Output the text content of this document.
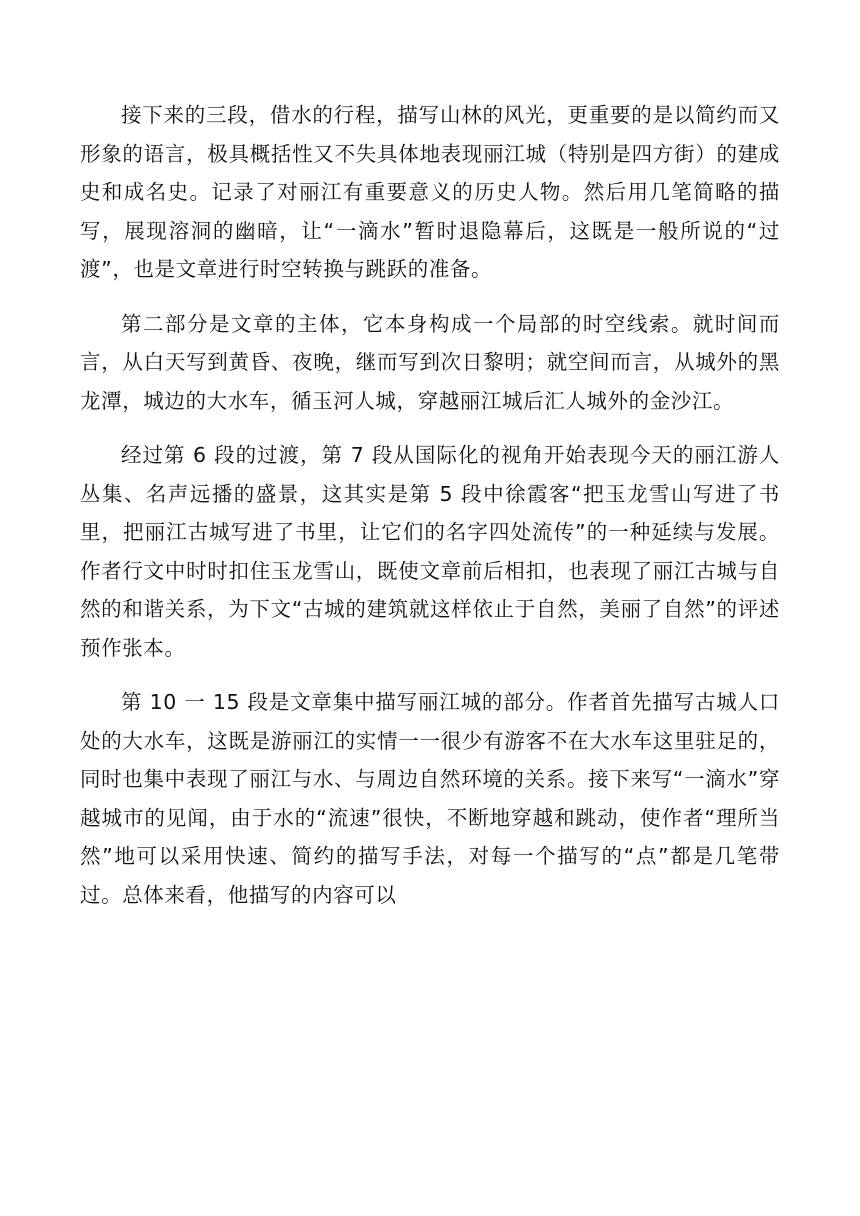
接下来的三段，借水的行程，描写山林的风光，更重要的是以简约而又形象的语言，极具概括性又不失具体地表现丽江城（特别是四方街）的建成史和成名史。记录了对丽江有重要意义的历史人物。然后用几笔简略的描写，展现溶洞的幽暗，让“一滴水”暂时退隐幕后，这既是一般所说的“过渡”，也是文章进行时空转换与跳跃的准备。

第二部分是文章的主体，它本身构成一个局部的时空线索。就时间而言，从白天写到黄昏、夜晚，继而写到次日黎明；就空间而言，从城外的黑龙潭，城边的大水车，循玉河人城，穿越丽江城后汇人城外的金沙江。

经过第 6 段的过渡，第 7 段从国际化的视角开始表现今天的丽江游人丛集、名声远播的盛景，这其实是第 5 段中徐霞客“把玉龙雪山写进了书里，把丽江古城写进了书里，让它们的名字四处流传”的一种延续与发展。作者行文中时时扣住玉龙雪山，既使文章前后相扣，也表现了丽江古城与自然的和谐关系，为下文“古城的建筑就这样依止于自然，美丽了自然”的评述预作张本。

第 10 一 15 段是文章集中描写丽江城的部分。作者首先描写古城人口处的大水车，这既是游丽江的实情一一很少有游客不在大水车这里驻足的，同时也集中表现了丽江与水、与周边自然环境的关系。接下来写“一滴水”穿越城市的见闻，由于水的“流速”很快，不断地穿越和跳动，使作者“理所当然”地可以采用快速、简约的描写手法，对每一个描写的“点”都是几笔带过。总体来看，他描写的内容可以
